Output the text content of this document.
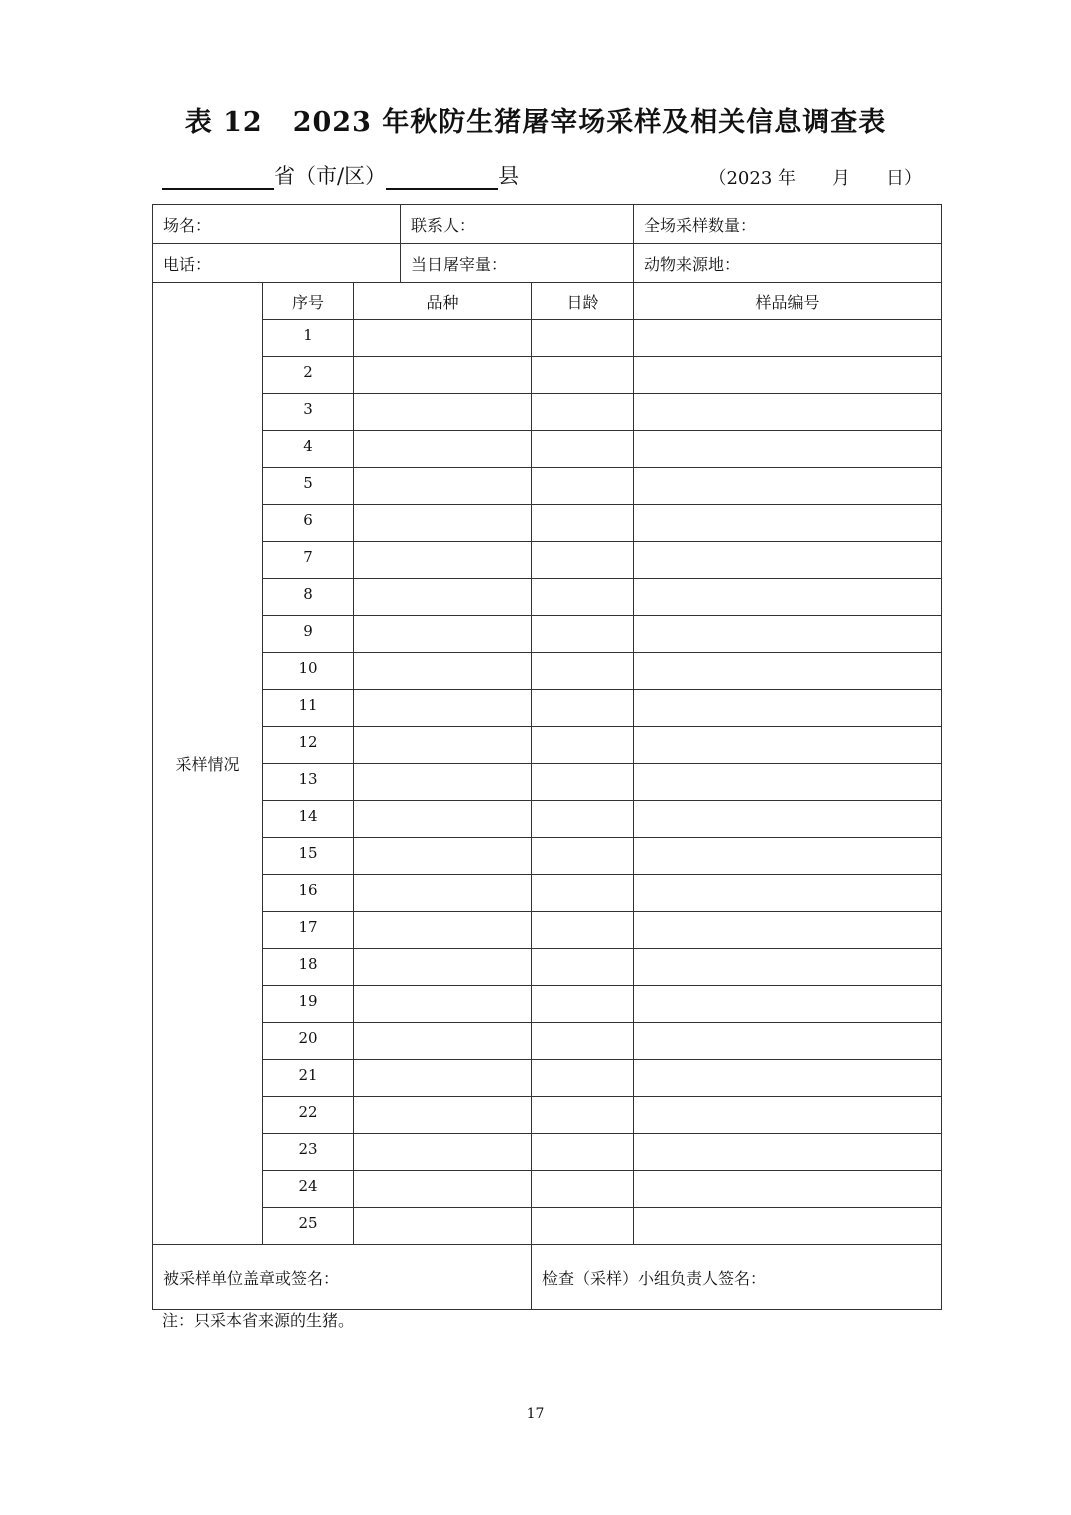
表 12 2023 年秋防生猪屠宰场采样及相关信息调查表
省（市/区）	县	（2023 年 月 日）
场名：			联系人：		全场采样数量：
电话：			当日屠宰量：		动物来源地：
采样情况	序号	品种		日龄	样品编号
	1				
	2				
	3				
	4				
	5				
	6				
	7				
	8				
	9				
	10				
	11				
	12				
	13				
	14				
	15				
	16				
	17				
	18				
	19				
	20				
	21				
	22				
	23				
	24				
	25				
被采样单位盖章或签名：				检查（采样）小组负责人签名：	
注：只采本省来源的生猪。
17
